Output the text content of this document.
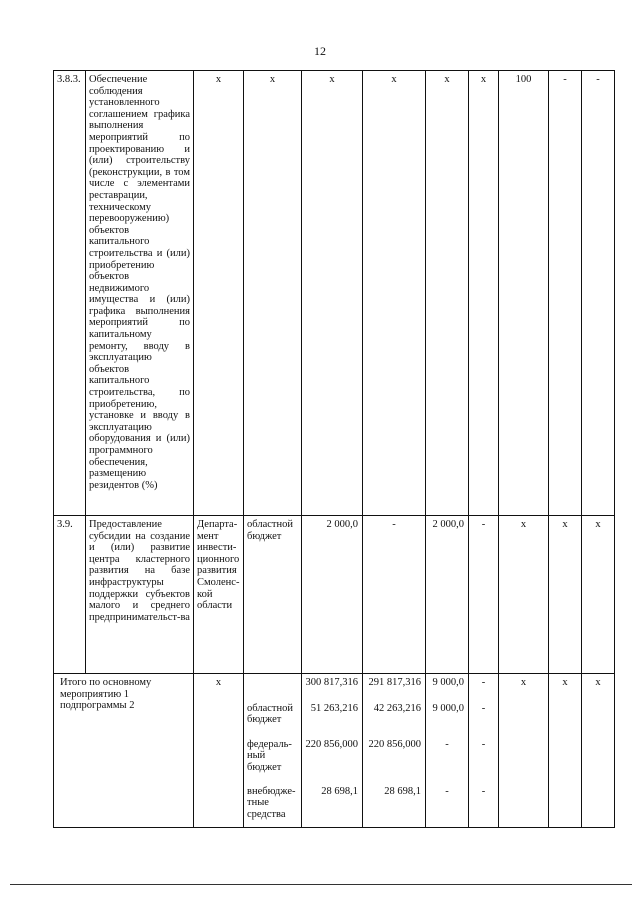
12
3.8.3.	Обеспечение соблюдения установленного соглашением графика выполнения мероприятий по проектированию и (или) строительству (реконструкции, в том числе с элементами реставрации, техническому перевооружению) объектов капитального строительства и (или) приобретению объектов недвижимого имущества и (или) графика выполнения мероприятий по капитальному ремонту, вводу в эксплуатацию объектов капитального строительства, по приобретению, установке и вводу в эксплуатацию оборудования и (или) программного обеспечения, размещению резидентов (%)	x	x	x	x	x	x	100	-	-
3.9.	Предоставление субсидии на создание и (или) развитие центра кластерного развития на базе инфраструктуры поддержки субъектов малого и среднего предпринимательст-ва	Департа-мент инвести-ционного развития Смоленс-кой области	областной бюджет	2 000,0	-	2 000,0	-	x	x	x
Итого по основному мероприятию 1 подпрограммы 2		x		300 817,316	291 817,316	9 000,0	-	x	x	x
			областной бюджет	51 263,216	42 263,216	9 000,0	-			
			федераль-ный бюджет	220 856,000	220 856,000	-	-			
			внебюдже-тные средства	28 698,1	28 698,1	-	-			
